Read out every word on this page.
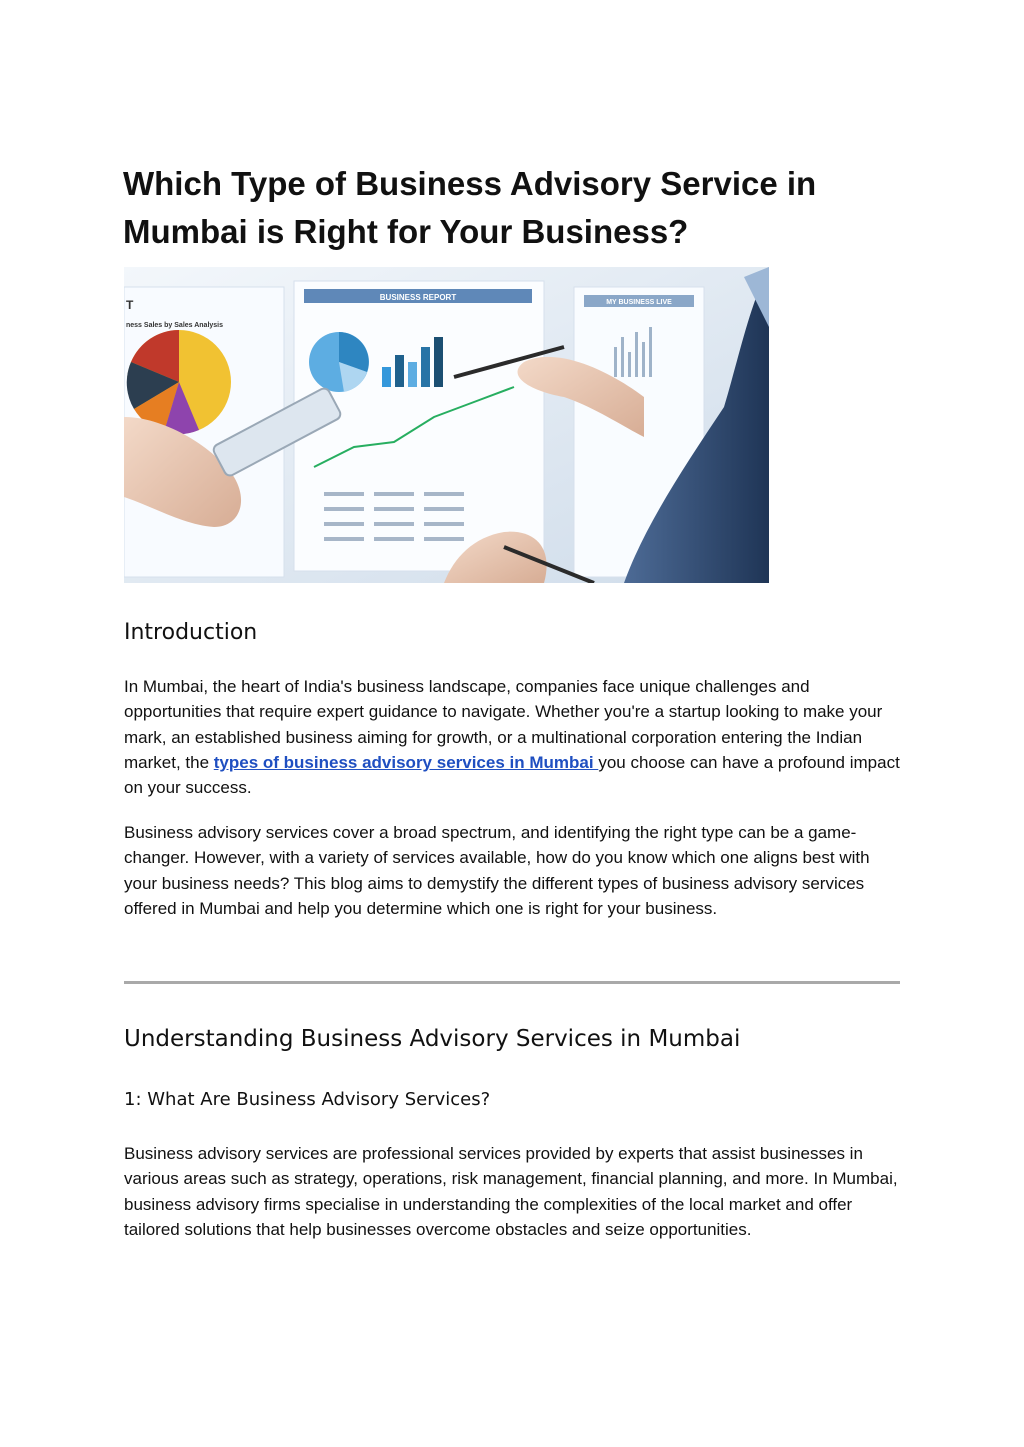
Which Type of Business Advisory Service in Mumbai is Right for Your Business?
T
ness Sales by Sales Analysis
BUSINESS REPORT
MY BUSINESS LIVE
Introduction

In Mumbai, the heart of India's business landscape, companies face unique challenges and opportunities that require expert guidance to navigate. Whether you're a startup looking to make your mark, an established business aiming for growth, or a multinational corporation entering the Indian market, the types of business advisory services in Mumbai you choose can have a profound impact on your success.

Business advisory services cover a broad spectrum, and identifying the right type can be a game-changer. However, with a variety of services available, how do you know which one aligns best with your business needs? This blog aims to demystify the different types of business advisory services offered in Mumbai and help you determine which one is right for your business.

Understanding Business Advisory Services in Mumbai
1: What Are Business Advisory Services?

Business advisory services are professional services provided by experts that assist businesses in various areas such as strategy, operations, risk management, financial planning, and more. In Mumbai, business advisory firms specialise in understanding the complexities of the local market and offer tailored solutions that help businesses overcome obstacles and seize opportunities.
